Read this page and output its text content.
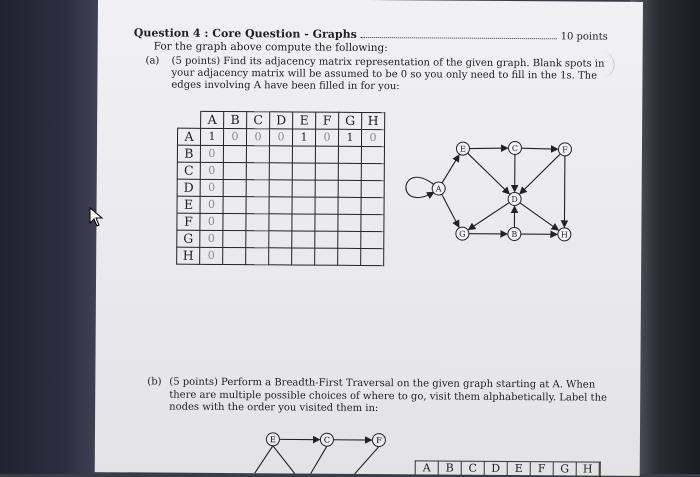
Question 4 : Core Question - Graphs	10 points
For the graph above compute the following:
(a)	(5 points) Find its adjacency matrix representation of the given graph. Blank spots in your adjacency matrix will be assumed to be 0 so you only need to fill in the 1s. The edges involving A have been filled in for you:
	A	B	C	D	E	F	G	H
A	1	0	0	0	1	0	1	0
B	0							
C	0							
D	0							
E	0							
F	0							
G	0							
H	0							
A
B
C
D
E	F
G	H
(b) (5 points) Perform a Breadth-First Traversal on the given graph starting at A. When there are multiple possible choices of where to go, visit them alphabetically. Label the nodes with the order you visited them in:
E	C	F
A	B	C	D	E	F	G	H
